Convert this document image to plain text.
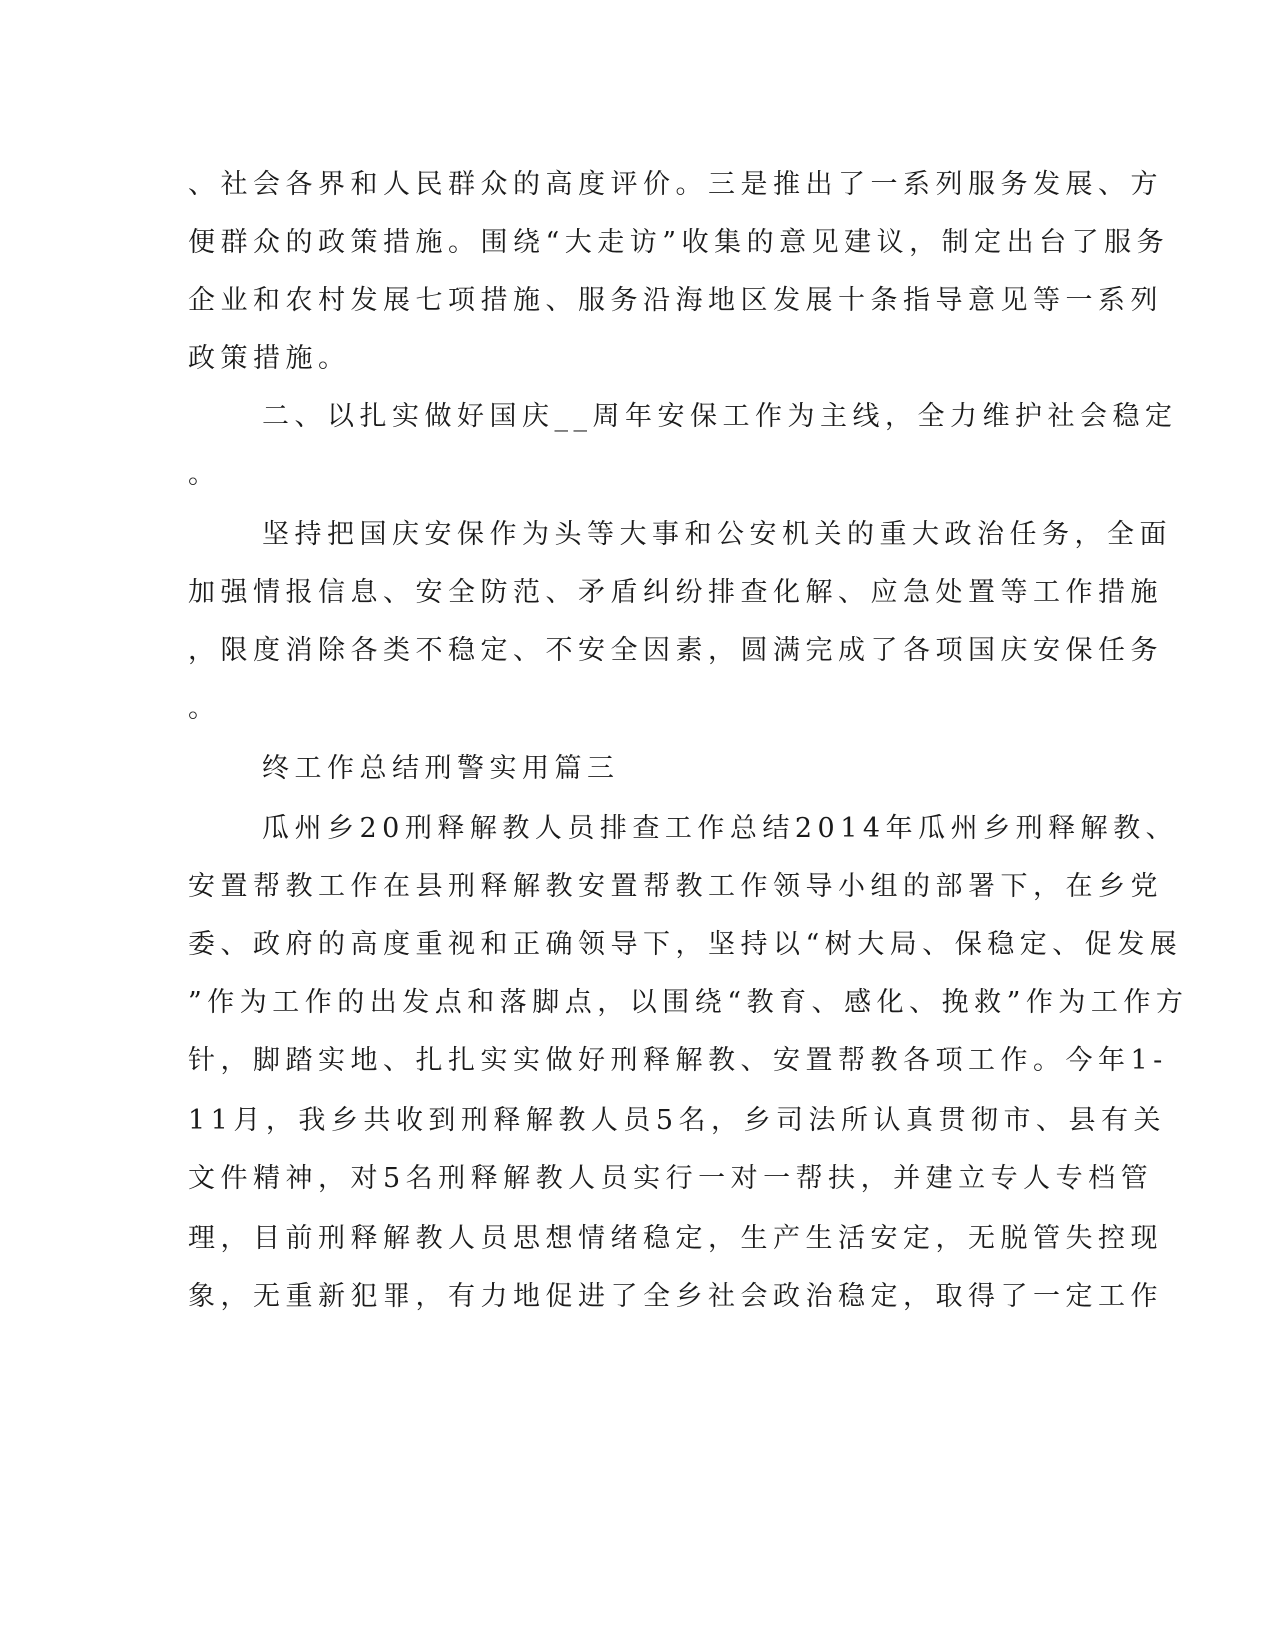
、社会各界和人民群众的高度评价。三是推出了一系列服务发展、方
便群众的政策措施。围绕“大走访”收集的意见建议，制定出台了服务
企业和农村发展七项措施、服务沿海地区发展十条指导意见等一系列
政策措施。
二、以扎实做好国庆__周年安保工作为主线，全力维护社会稳定
。
坚持把国庆安保作为头等大事和公安机关的重大政治任务，全面
加强情报信息、安全防范、矛盾纠纷排查化解、应急处置等工作措施
，限度消除各类不稳定、不安全因素，圆满完成了各项国庆安保任务
。
终工作总结刑警实用篇三
瓜州乡20刑释解教人员排查工作总结2014年瓜州乡刑释解教、
安置帮教工作在县刑释解教安置帮教工作领导小组的部署下，在乡党
委、政府的高度重视和正确领导下，坚持以“树大局、保稳定、促发展
”作为工作的出发点和落脚点，以围绕“教育、感化、挽救”作为工作方
针，脚踏实地、扎扎实实做好刑释解教、安置帮教各项工作。今年1-
11月，我乡共收到刑释解教人员5名，乡司法所认真贯彻市、县有关
文件精神，对5名刑释解教人员实行一对一帮扶，并建立专人专档管
理，目前刑释解教人员思想情绪稳定，生产生活安定，无脱管失控现
象，无重新犯罪，有力地促进了全乡社会政治稳定，取得了一定工作
